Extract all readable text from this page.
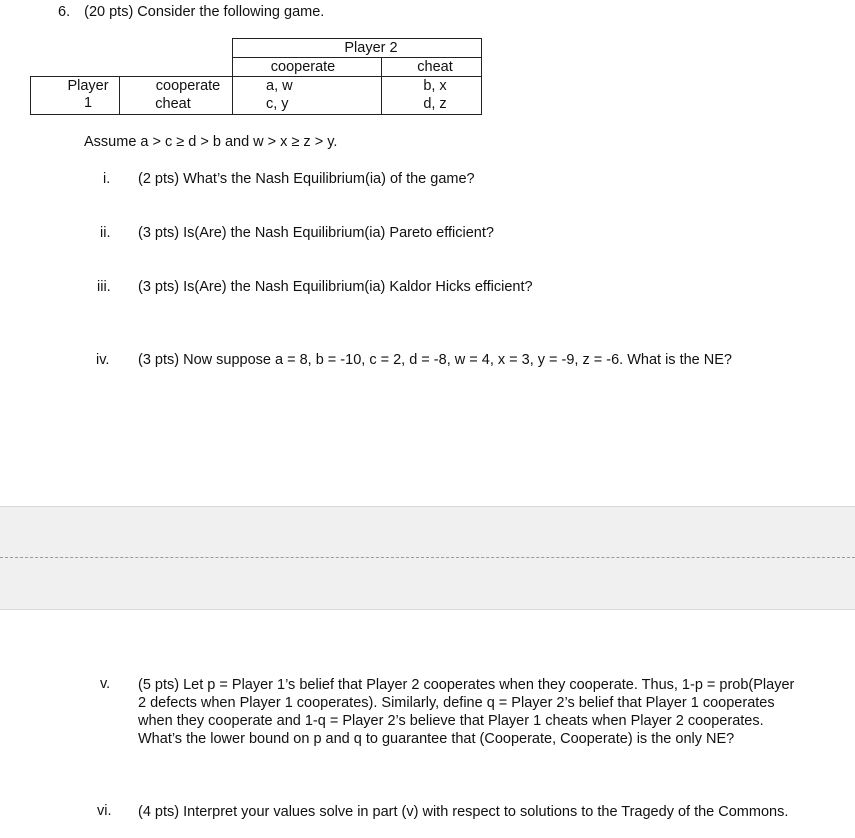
6. (20 pts) Consider the following game.
Player 2
cooperate	cheat
Player
1
cooperate
cheat
a, w
c, y
b, x
d, z
Assume a > c ≥ d > b and w > x ≥ z > y.
i. (2 pts) What’s the Nash Equilibrium(ia) of the game?
ii. (3 pts) Is(Are) the Nash Equilibrium(ia) Pareto efficient?
iii. (3 pts) Is(Are) the Nash Equilibrium(ia) Kaldor Hicks efficient?
iv. (3 pts) Now suppose a = 8, b = -10, c = 2, d = -8, w = 4, x = 3, y = -9, z = -6. What is the NE?
v. (5 pts) Let p = Player 1’s belief that Player 2 cooperates when they cooperate. Thus, 1-p = prob(Player 2 defects when Player 1 cooperates). Similarly, define q = Player 2’s belief that Player 1 cooperates when they cooperate and 1-q = Player 2’s believe that Player 1 cheats when Player 2 cooperates. What’s the lower bound on p and q to guarantee that (Cooperate, Cooperate) is the only NE?
vi. (4 pts) Interpret your values solve in part (v) with respect to solutions to the Tragedy of the Commons.
